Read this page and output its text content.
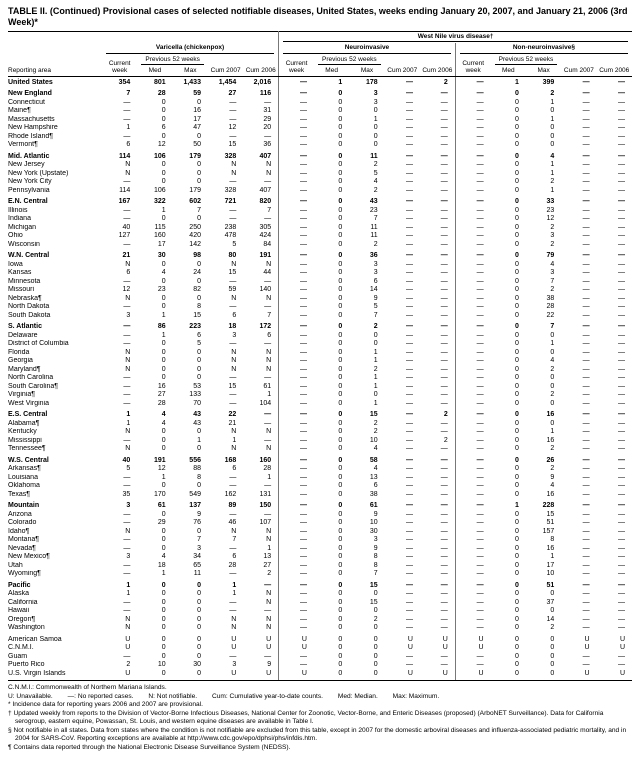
TABLE II. (Continued) Provisional cases of selected notifiable diseases, United States, weeks ending January 20, 2007, and January 21, 2006 (3rd Week)*

						West Nile virus disease†									

	Varicella (chickenpox)					Neuroinvasive					Non-neuroinvasive§				

Reporting area	Current week	Previous 52 weeks		Cum 2007	Cum 2006	Current week	Previous 52 weeks		Cum 2007	Cum 2006	Current week	Previous 52 weeks		Cum 2007	Cum 2006
		Med	Max				Med	Max				Med	Max		
United States	354	801	1,433	1,454	2,016	—	1	178	—	2	—	1	399	—	—
New England	7	28	59	27	116	—	0	3	—	—	—	0	2	—	—
Connecticut	—	0	0	—	—	—	0	3	—	—	—	0	1	—	—
Maine¶	—	0	16	—	31	—	0	0	—	—	—	0	0	—	—
Massachusetts	—	0	17	—	29	—	0	1	—	—	—	0	1	—	—
New Hampshire	1	6	47	12	20	—	0	0	—	—	—	0	0	—	—
Rhode Island¶	—	0	0	—	—	—	0	0	—	—	—	0	0	—	—
Vermont¶	6	12	50	15	36	—	0	0	—	—	—	0	0	—	—
Mid. Atlantic	114	106	179	328	407	—	0	11	—	—	—	0	4	—	—
New Jersey	N	0	0	N	N	—	0	2	—	—	—	0	1	—	—
New York (Upstate)	N	0	0	N	N	—	0	5	—	—	—	0	1	—	—
New York City	—	0	0	—	—	—	0	4	—	—	—	0	2	—	—
Pennsylvania	114	106	179	328	407	—	0	2	—	—	—	0	1	—	—
E.N. Central	167	322	602	721	820	—	0	43	—	—	—	0	33	—	—
Illinois	—	1	7	—	7	—	0	23	—	—	—	0	23	—	—
Indiana	—	0	0	—	—	—	0	7	—	—	—	0	12	—	—
Michigan	40	115	250	238	305	—	0	11	—	—	—	0	2	—	—
Ohio	127	160	420	478	424	—	0	11	—	—	—	0	3	—	—
Wisconsin	—	17	142	5	84	—	0	2	—	—	—	0	2	—	—
W.N. Central	21	30	98	80	191	—	0	36	—	—	—	0	79	—	—
Iowa	N	0	0	N	N	—	0	3	—	—	—	0	4	—	—
Kansas	6	4	24	15	44	—	0	3	—	—	—	0	3	—	—
Minnesota	—	0	0	—	—	—	0	6	—	—	—	0	7	—	—
Missouri	12	23	82	59	140	—	0	14	—	—	—	0	2	—	—
Nebraska¶	N	0	0	N	N	—	0	9	—	—	—	0	38	—	—
North Dakota	—	0	8	—	—	—	0	5	—	—	—	0	28	—	—
South Dakota	3	1	15	6	7	—	0	7	—	—	—	0	22	—	—
S. Atlantic	—	86	223	18	172	—	0	2	—	—	—	0	7	—	—
Delaware	—	1	6	3	6	—	0	0	—	—	—	0	0	—	—
District of Columbia	—	0	5	—	—	—	0	0	—	—	—	0	1	—	—
Florida	N	0	0	N	N	—	0	1	—	—	—	0	0	—	—
Georgia	N	0	0	N	N	—	0	1	—	—	—	0	4	—	—
Maryland¶	N	0	0	N	N	—	0	2	—	—	—	0	2	—	—
North Carolina	—	0	0	—	—	—	0	1	—	—	—	0	0	—	—
South Carolina¶	—	16	53	15	61	—	0	1	—	—	—	0	0	—	—
Virginia¶	—	27	133	—	1	—	0	0	—	—	—	0	2	—	—
West Virginia	—	28	70	—	104	—	0	1	—	—	—	0	0	—	—
E.S. Central	1	4	43	22	—	—	0	15	—	2	—	0	16	—	—
Alabama¶	1	4	43	21	—	—	0	2	—	—	—	0	0	—	—
Kentucky	N	0	0	N	N	—	0	2	—	—	—	0	1	—	—
Mississippi	—	0	1	1	—	—	0	10	—	2	—	0	16	—	—
Tennessee¶	N	0	0	N	N	—	0	4	—	—	—	0	2	—	—
W.S. Central	40	191	556	168	160	—	0	58	—	—	—	0	26	—	—
Arkansas¶	5	12	88	6	28	—	0	4	—	—	—	0	2	—	—
Louisiana	—	1	8	—	1	—	0	13	—	—	—	0	9	—	—
Oklahoma	—	0	0	—	—	—	0	6	—	—	—	0	4	—	—
Texas¶	35	170	549	162	131	—	0	38	—	—	—	0	16	—	—
Mountain	3	61	137	89	150	—	0	61	—	—	—	1	228	—	—
Arizona	—	0	9	—	—	—	0	9	—	—	—	0	15	—	—
Colorado	—	29	76	46	107	—	0	10	—	—	—	0	51	—	—
Idaho¶	N	0	0	N	N	—	0	30	—	—	—	0	157	—	—
Montana¶	—	0	7	7	N	—	0	3	—	—	—	0	8	—	—
Nevada¶	—	0	3	—	1	—	0	9	—	—	—	0	16	—	—
New Mexico¶	3	4	34	6	13	—	0	8	—	—	—	0	1	—	—
Utah	—	18	65	28	27	—	0	8	—	—	—	0	17	—	—
Wyoming¶	—	1	11	—	2	—	0	7	—	—	—	0	10	—	—
Pacific	1	0	0	1	—	—	0	15	—	—	—	0	51	—	—
Alaska	1	0	0	1	N	—	0	0	—	—	—	0	0	—	—
California	—	0	0	—	N	—	0	15	—	—	—	0	37	—	—
Hawaii	—	0	0	—	—	—	0	0	—	—	—	0	0	—	—
Oregon¶	N	0	0	N	N	—	0	2	—	—	—	0	14	—	—
Washington	N	0	0	N	N	—	0	0	—	—	—	0	2	—	—
American Samoa	U	0	0	U	U	U	0	0	U	U	U	0	0	U	U
C.N.M.I.	U	0	0	U	U	U	0	0	U	U	U	0	0	U	U
Guam	—	0	0	—	—	—	0	0	—	—	—	0	0	—	—
Puerto Rico	2	10	30	3	9	—	0	0	—	—	—	0	0	—	—
U.S. Virgin Islands	U	0	0	U	U	U	0	0	U	U	U	0	0	U	U
C.N.M.I.: Commonwealth of Northern Mariana Islands.
U: Unavailable. —: No reported cases. N: Not notifiable. Cum: Cumulative year-to-date counts. Med: Median. Max: Maximum.
* Incidence data for reporting years 2006 and 2007 are provisional.
† Updated weekly from reports to the Division of Vector-Borne Infectious Diseases, National Center for Zoonotic, Vector-Borne, and Enteric Diseases (proposed) (ArboNET Surveillance). Data for California serogroup, eastern equine, Powassan, St. Louis, and western equine diseases are available in Table I.
§ Not notifiable in all states. Data from states where the condition is not notifiable are excluded from this table, except in 2007 for the domestic arboviral diseases and influenza-associated pediatric mortality, and in 2004 for SARS-CoV. Reporting exceptions are available at http://www.cdc.gov/epo/dphsi/phs/infdis.htm.
¶ Contains data reported through the National Electronic Disease Surveillance System (NEDSS).
